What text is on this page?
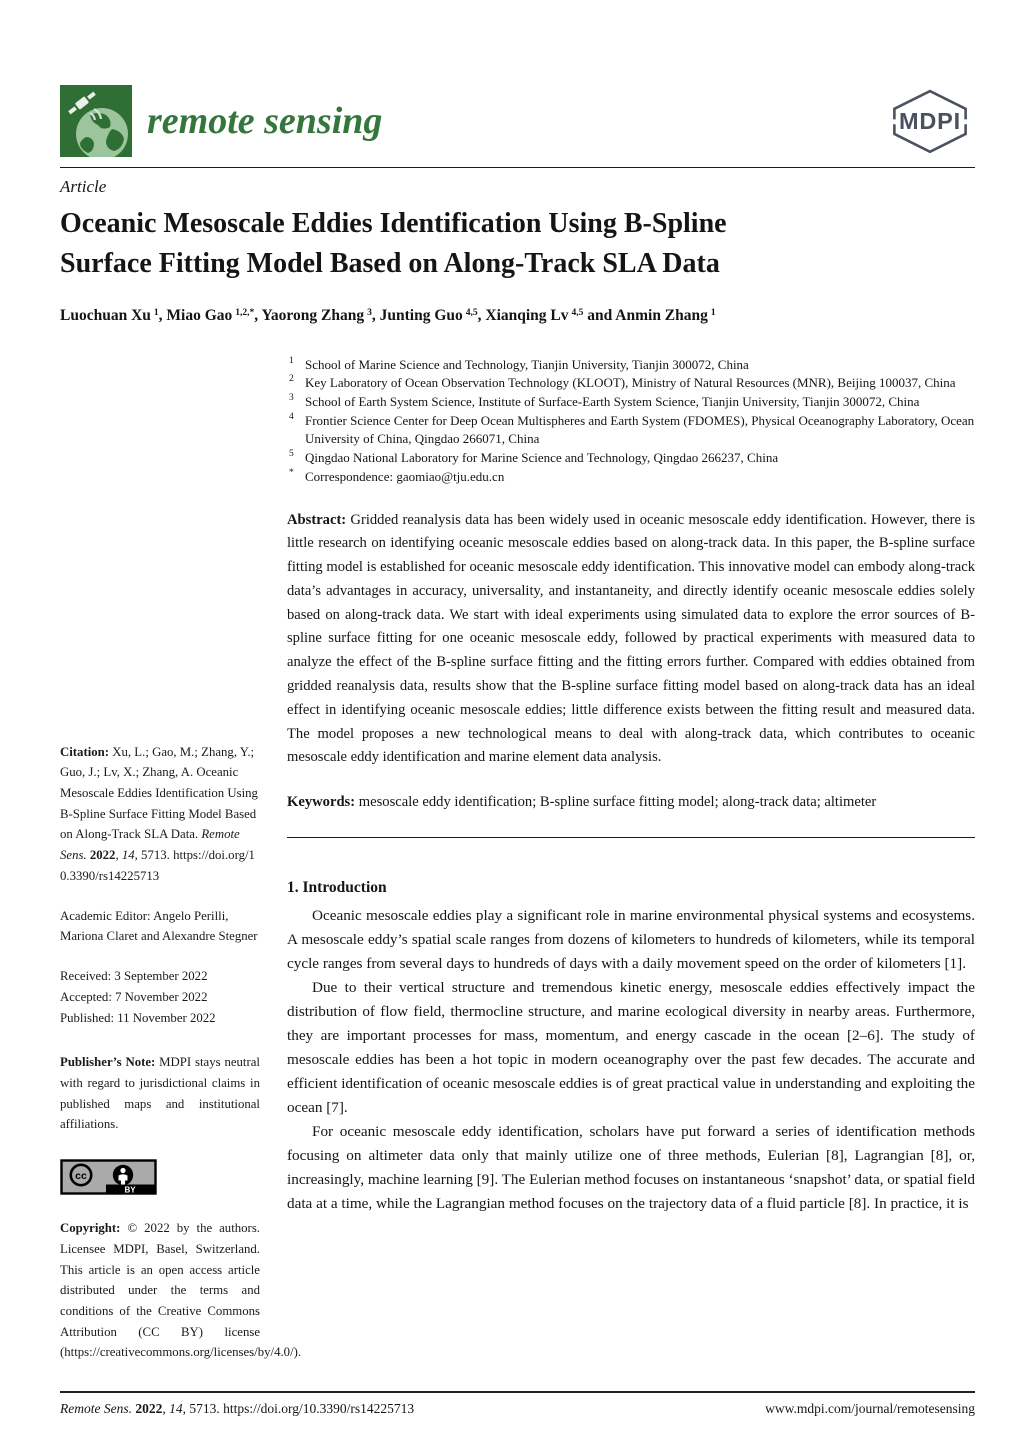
remote sensing	MDPI
Article
Oceanic Mesoscale Eddies Identification Using B-Spline
Surface Fitting Model Based on Along-Track SLA Data
Luochuan Xu $^1$, Miao Gao $^{1,2,*}$, Yaorong Zhang $^3$, Junting Guo $^{4,5}$, Xianqing Lv $^{4,5}$ and Anmin Zhang $^1$
Citation: Xu, L.; Gao, M.; Zhang, Y.; Guo, J.; Lv, X.; Zhang, A. Oceanic Mesoscale Eddies Identification Using B-Spline Surface Fitting Model Based on Along-Track SLA Data. Remote Sens. 2022, 14, 5713. https://doi.org/10.3390/rs14225713
Academic Editor: Angelo Perilli, Mariona Claret and Alexandre Stegner
Received: 3 September 2022
Accepted: 7 November 2022
Published: 11 November 2022
Publisher’s Note: MDPI stays neutral with regard to jurisdictional claims in published maps and institutional affiliations.
cc
BY
Copyright: © 2022 by the authors. Licensee MDPI, Basel, Switzerland. This article is an open access article distributed under the terms and conditions of the Creative Commons Attribution (CC BY) license (https://creativecommons.org/licenses/by/4.0/).
1 School of Marine Science and Technology, Tianjin University, Tianjin 300072, China
2 Key Laboratory of Ocean Observation Technology (KLOOT), Ministry of Natural Resources (MNR), Beijing 100037, China
3 School of Earth System Science, Institute of Surface-Earth System Science, Tianjin University, Tianjin 300072, China
4 Frontier Science Center for Deep Ocean Multispheres and Earth System (FDOMES), Physical Oceanography Laboratory, Ocean University of China, Qingdao 266071, China
5 Qingdao National Laboratory for Marine Science and Technology, Qingdao 266237, China
* Correspondence: gaomiao@tju.edu.cn

Abstract: Gridded reanalysis data has been widely used in oceanic mesoscale eddy identification. However, there is little research on identifying oceanic mesoscale eddies based on along-track data. In this paper, the B-spline surface fitting model is established for oceanic mesoscale eddy identification. This innovative model can embody along-track data’s advantages in accuracy, universality, and instantaneity, and directly identify oceanic mesoscale eddies solely based on along-track data. We start with ideal experiments using simulated data to explore the error sources of B-spline surface fitting for one oceanic mesoscale eddy, followed by practical experiments with measured data to analyze the effect of the B-spline surface fitting and the fitting errors further. Compared with eddies obtained from gridded reanalysis data, results show that the B-spline surface fitting model based on along-track data has an ideal effect in identifying oceanic mesoscale eddies; little difference exists between the fitting result and measured data. The model proposes a new technological means to deal with along-track data, which contributes to oceanic mesoscale eddy identification and marine element data analysis.

Keywords: mesoscale eddy identification; B-spline surface fitting model; along-track data; altimeter

1. Introduction

Oceanic mesoscale eddies play a significant role in marine environmental physical systems and ecosystems. A mesoscale eddy’s spatial scale ranges from dozens of kilometers to hundreds of kilometers, while its temporal cycle ranges from several days to hundreds of days with a daily movement speed on the order of kilometers [1].

Due to their vertical structure and tremendous kinetic energy, mesoscale eddies effectively impact the distribution of flow field, thermocline structure, and marine ecological diversity in nearby areas. Furthermore, they are important processes for mass, momentum, and energy cascade in the ocean [2–6]. The study of mesoscale eddies has been a hot topic in modern oceanography over the past few decades. The accurate and efficient identification of oceanic mesoscale eddies is of great practical value in understanding and exploiting the ocean [7].

For oceanic mesoscale eddy identification, scholars have put forward a series of identification methods focusing on altimeter data only that mainly utilize one of three methods, Eulerian [8], Lagrangian [8], or, increasingly, machine learning [9]. The Eulerian method focuses on instantaneous ‘snapshot’ data, or spatial field data at a time, while the Lagrangian method focuses on the trajectory data of a fluid particle [8]. In practice, it is

Remote Sens. 2022, 14, 5713. https://doi.org/10.3390/rs14225713	www.mdpi.com/journal/remotesensing
